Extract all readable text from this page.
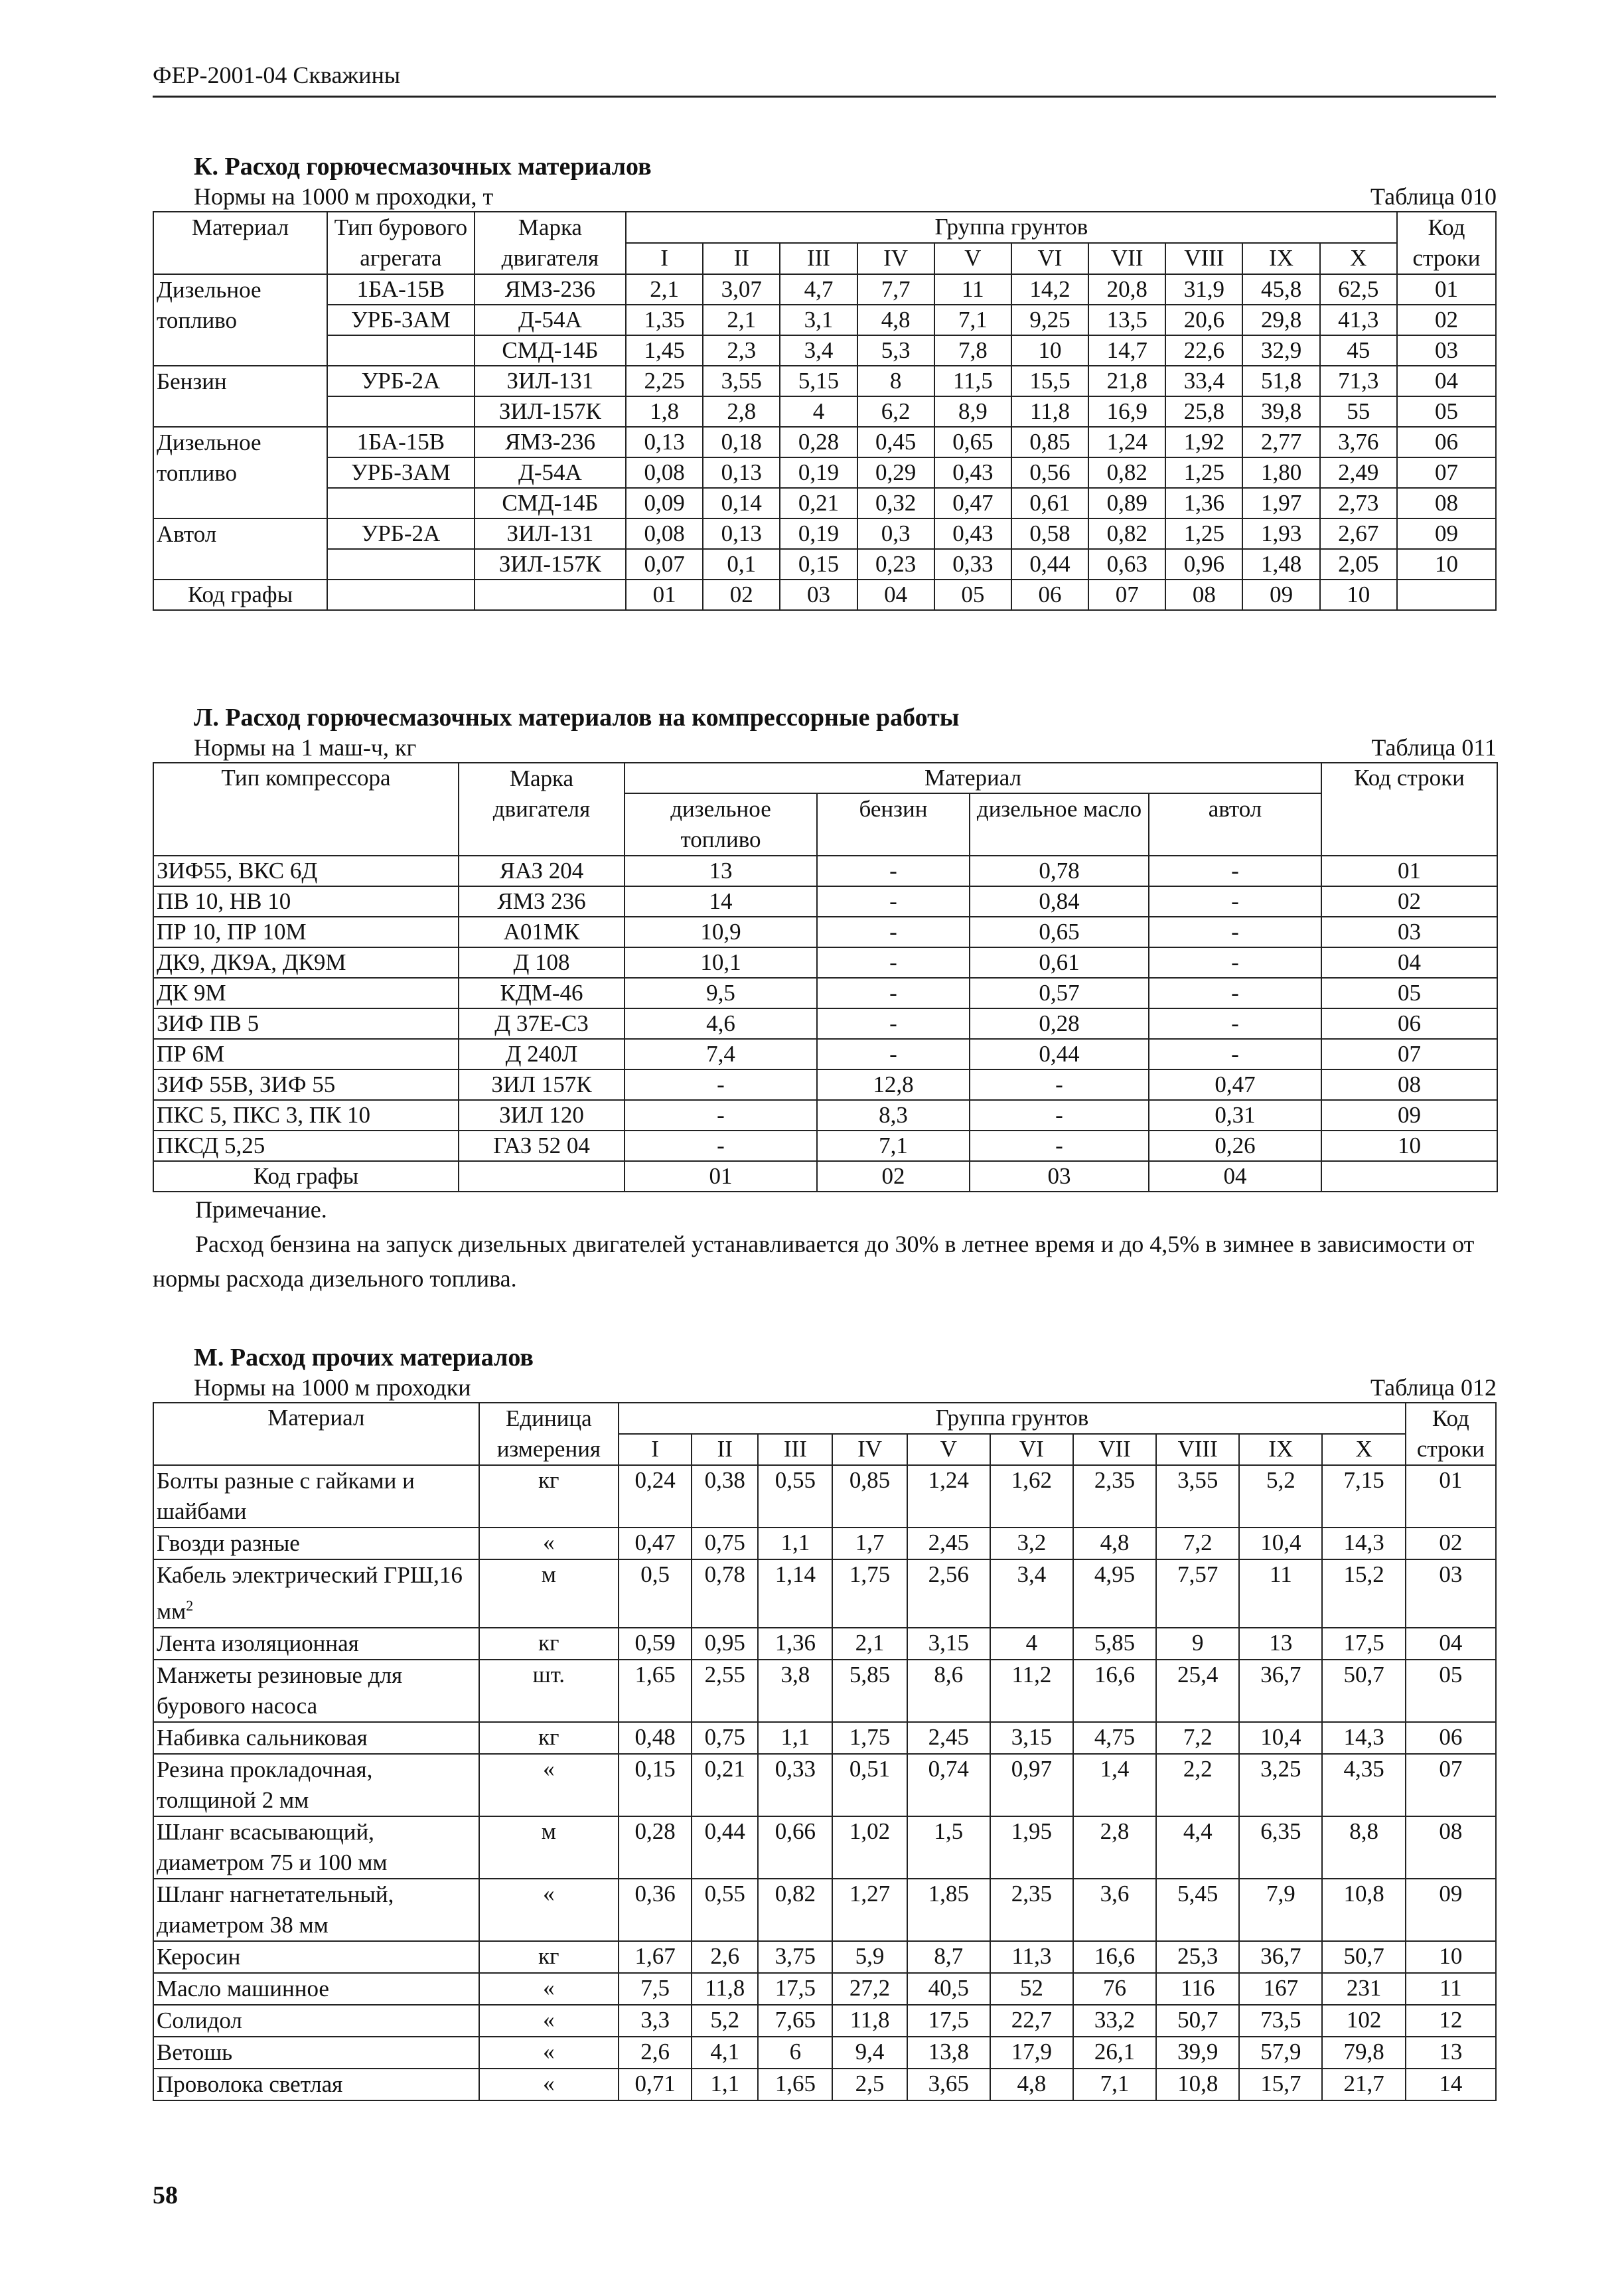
ФЕР-2001-04 Скважины
К. Расход горючесмазочных материалов
Нормы на 1000 м проходки, т	Таблица 010
Материал	Тип бурового агрегата	Марка двигателя	Группа грунтов										Код строки
			I	II	III	IV	V	VI	VII	VIII	IX	X	
Дизельное топливо	1БА-15В	ЯМЗ-236	2,1	3,07	4,7	7,7	11	14,2	20,8	31,9	45,8	62,5	01
	УРБ-3АМ	Д-54А	1,35	2,1	3,1	4,8	7,1	9,25	13,5	20,6	29,8	41,3	02
		СМД-14Б	1,45	2,3	3,4	5,3	7,8	10	14,7	22,6	32,9	45	03
Бензин	УРБ-2А	ЗИЛ-131	2,25	3,55	5,15	8	11,5	15,5	21,8	33,4	51,8	71,3	04
		ЗИЛ-157К	1,8	2,8	4	6,2	8,9	11,8	16,9	25,8	39,8	55	05
Дизельное топливо	1БА-15В	ЯМЗ-236	0,13	0,18	0,28	0,45	0,65	0,85	1,24	1,92	2,77	3,76	06
	УРБ-3АМ	Д-54А	0,08	0,13	0,19	0,29	0,43	0,56	0,82	1,25	1,80	2,49	07
		СМД-14Б	0,09	0,14	0,21	0,32	0,47	0,61	0,89	1,36	1,97	2,73	08
Автол	УРБ-2А	ЗИЛ-131	0,08	0,13	0,19	0,3	0,43	0,58	0,82	1,25	1,93	2,67	09
		ЗИЛ-157К	0,07	0,1	0,15	0,23	0,33	0,44	0,63	0,96	1,48	2,05	10
Код графы			01	02	03	04	05	06	07	08	09	10	
Л. Расход горючесмазочных материалов на компрессорные работы
Нормы на 1 маш-ч, кг	Таблица 011
Тип компрессора	Марка двигателя	Материал				Код строки
		дизельное топливо	бензин	дизельное масло	автол	
ЗИФ55, ВКС 6Д	ЯАЗ 204	13	-	0,78	-	01
ПВ 10, НВ 10	ЯМЗ 236	14	-	0,84	-	02
ПР 10, ПР 10М	А01МК	10,9	-	0,65	-	03
ДК9, ДК9А, ДК9М	Д 108	10,1	-	0,61	-	04
ДК 9М	КДМ-46	9,5	-	0,57	-	05
ЗИФ ПВ 5	Д 37Е-С3	4,6	-	0,28	-	06
ПР 6М	Д 240Л	7,4	-	0,44	-	07
ЗИФ 55В, ЗИФ 55	ЗИЛ 157К	-	12,8	-	0,47	08
ПКС 5, ПКС 3, ПК 10	ЗИЛ 120	-	8,3	-	0,31	09
ПКСД 5,25	ГАЗ 52 04	-	7,1	-	0,26	10
Код графы		01	02	03	04	

Примечание.

Расход бензина на запуск дизельных двигателей устанавливается до 30% в летнее время и до 4,5% в зимнее в зависимости от нормы расхода дизельного топлива.

М. Расход прочих материалов
Нормы на 1000 м проходки	Таблица 012
Материал	Единица измерения	Группа грунтов										Код строки
		I	II	III	IV	V	VI	VII	VIII	IX	X	
Болты разные с гайками и шайбами	кг	0,24	0,38	0,55	0,85	1,24	1,62	2,35	3,55	5,2	7,15	01
Гвозди разные	«	0,47	0,75	1,1	1,7	2,45	3,2	4,8	7,2	10,4	14,3	02
Кабель электрический ГРШ,16 $мм^2$	м	0,5	0,78	1,14	1,75	2,56	3,4	4,95	7,57	11	15,2	03
Лента изоляционная	кг	0,59	0,95	1,36	2,1	3,15	4	5,85	9	13	17,5	04
Манжеты резиновые для бурового насоса	шт.	1,65	2,55	3,8	5,85	8,6	11,2	16,6	25,4	36,7	50,7	05
Набивка сальниковая	кг	0,48	0,75	1,1	1,75	2,45	3,15	4,75	7,2	10,4	14,3	06
Резина прокладочная, толщиной 2 мм	«	0,15	0,21	0,33	0,51	0,74	0,97	1,4	2,2	3,25	4,35	07
Шланг всасывающий, диаметром 75 и 100 мм	м	0,28	0,44	0,66	1,02	1,5	1,95	2,8	4,4	6,35	8,8	08
Шланг нагнетательный, диаметром 38 мм	«	0,36	0,55	0,82	1,27	1,85	2,35	3,6	5,45	7,9	10,8	09
Керосин	кг	1,67	2,6	3,75	5,9	8,7	11,3	16,6	25,3	36,7	50,7	10
Масло машинное	«	7,5	11,8	17,5	27,2	40,5	52	76	116	167	231	11
Солидол	«	3,3	5,2	7,65	11,8	17,5	22,7	33,2	50,7	73,5	102	12
Ветошь	«	2,6	4,1	6	9,4	13,8	17,9	26,1	39,9	57,9	79,8	13
Проволока светлая	«	0,71	1,1	1,65	2,5	3,65	4,8	7,1	10,8	15,7	21,7	14
58
